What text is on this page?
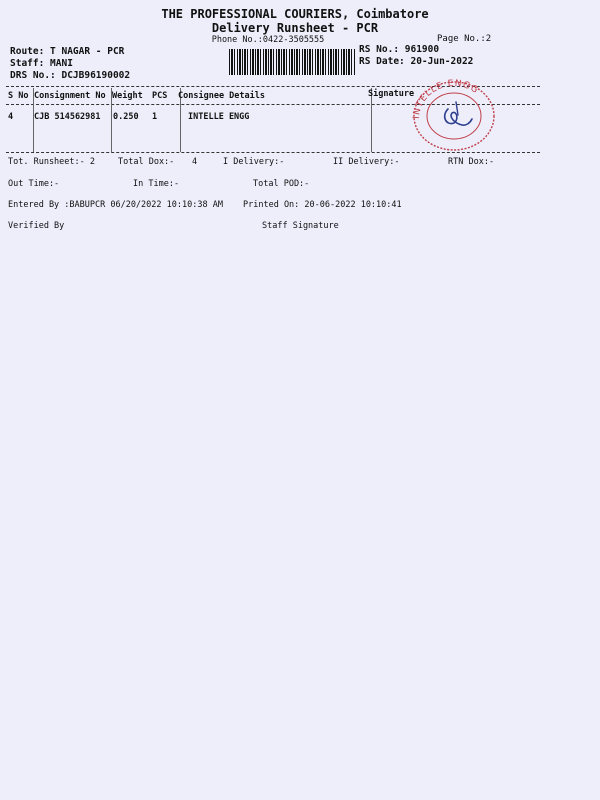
THE PROFESSIONAL COURIERS, Coimbatore
Delivery Runsheet - PCR
Phone No.:0422-3505555	Page No.:2
Route: T NAGAR - PCR
Staff: MANI
DRS No.: DCJB96190002
RS No.: 961900
RS Date: 20-Jun-2022
S No Consignment No Weight PCS Consignee Details	Signature
4 CJB 514562981 0.250 1	INTELLE ENGG	INTELLE ENGG
Tot. Runsheet:- 2	Total Dox:- 4	I Delivery:-	II Delivery:-	RTN Dox:-
Out Time:-	In Time:-	Total POD:-
Entered By :BABUPCR 06/20/2022 10:10:38 AM Printed On: 20-06-2022 10:10:41
Verified By	Staff Signature
